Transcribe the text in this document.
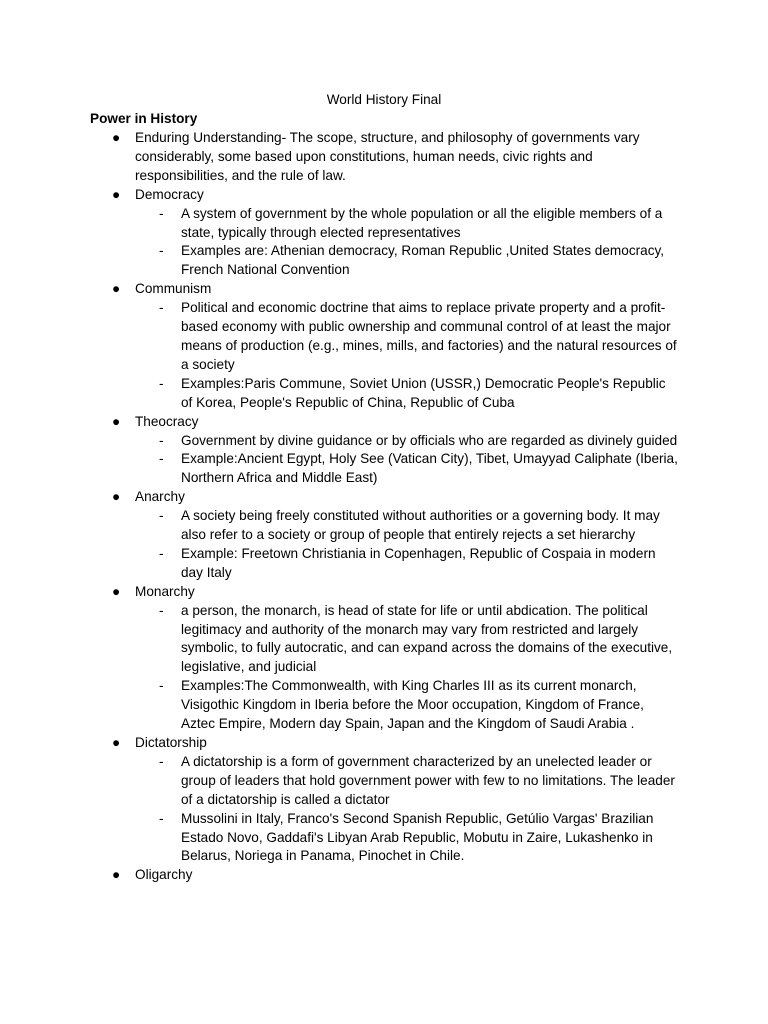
World History Final
Power in History
●	Enduring Understanding- The scope, structure, and philosophy of governments vary considerably, some based upon constitutions, human needs, civic rights and responsibilities, and the rule of law.
●	Democracy
- A system of government by the whole population or all the eligible members of a state, typically through elected representatives
- Examples are: Athenian democracy, Roman Republic ,United States democracy, French National Convention
●	Communism
- Political and economic doctrine that aims to replace private property and a profit-based economy with public ownership and communal control of at least the major means of production (e.g., mines, mills, and factories) and the natural resources of a society
- Examples:Paris Commune, Soviet Union (USSR,) Democratic People's Republic of Korea, People's Republic of China, Republic of Cuba
●	Theocracy
- Government by divine guidance or by officials who are regarded as divinely guided
- Example:Ancient Egypt, Holy See (Vatican City), Tibet, Umayyad Caliphate (Iberia, Northern Africa and Middle East)
●	Anarchy
- A society being freely constituted without authorities or a governing body. It may also refer to a society or group of people that entirely rejects a set hierarchy
- Example: Freetown Christiania in Copenhagen, Republic of Cospaia in modern day Italy
●	Monarchy
- a person, the monarch, is head of state for life or until abdication. The political legitimacy and authority of the monarch may vary from restricted and largely symbolic, to fully autocratic, and can expand across the domains of the executive, legislative, and judicial
- Examples:The Commonwealth, with King Charles III as its current monarch, Visigothic Kingdom in Iberia before the Moor occupation, Kingdom of France, Aztec Empire, Modern day Spain, Japan and the Kingdom of Saudi Arabia .
●	Dictatorship
- A dictatorship is a form of government characterized by an unelected leader or group of leaders that hold government power with few to no limitations. The leader of a dictatorship is called a dictator
- Mussolini in Italy, Franco's Second Spanish Republic, Getúlio Vargas' Brazilian Estado Novo, Gaddafi's Libyan Arab Republic, Mobutu in Zaire, Lukashenko in Belarus, Noriega in Panama, Pinochet in Chile.
●	Oligarchy
